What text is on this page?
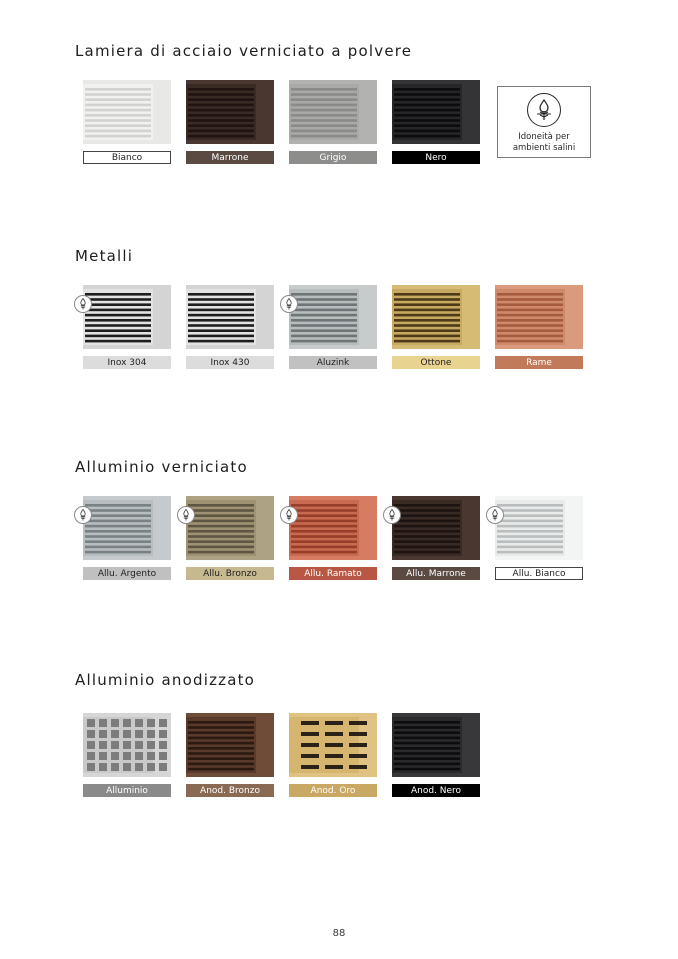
Lamiera di acciaio verniciato a polvere
Idoneità per
ambienti salini
Bianco	Marrone	Grigio	Nero
Metalli
Inox 304	Inox 430	Aluzink	Ottone	Rame
Alluminio verniciato
Allu. Argento	Allu. Bronzo	Allu. Ramato	Allu. Marrone	Allu. Bianco
Alluminio anodizzato
Alluminio	Anod. Bronzo	Anod. Oro	Anod. Nero
88
